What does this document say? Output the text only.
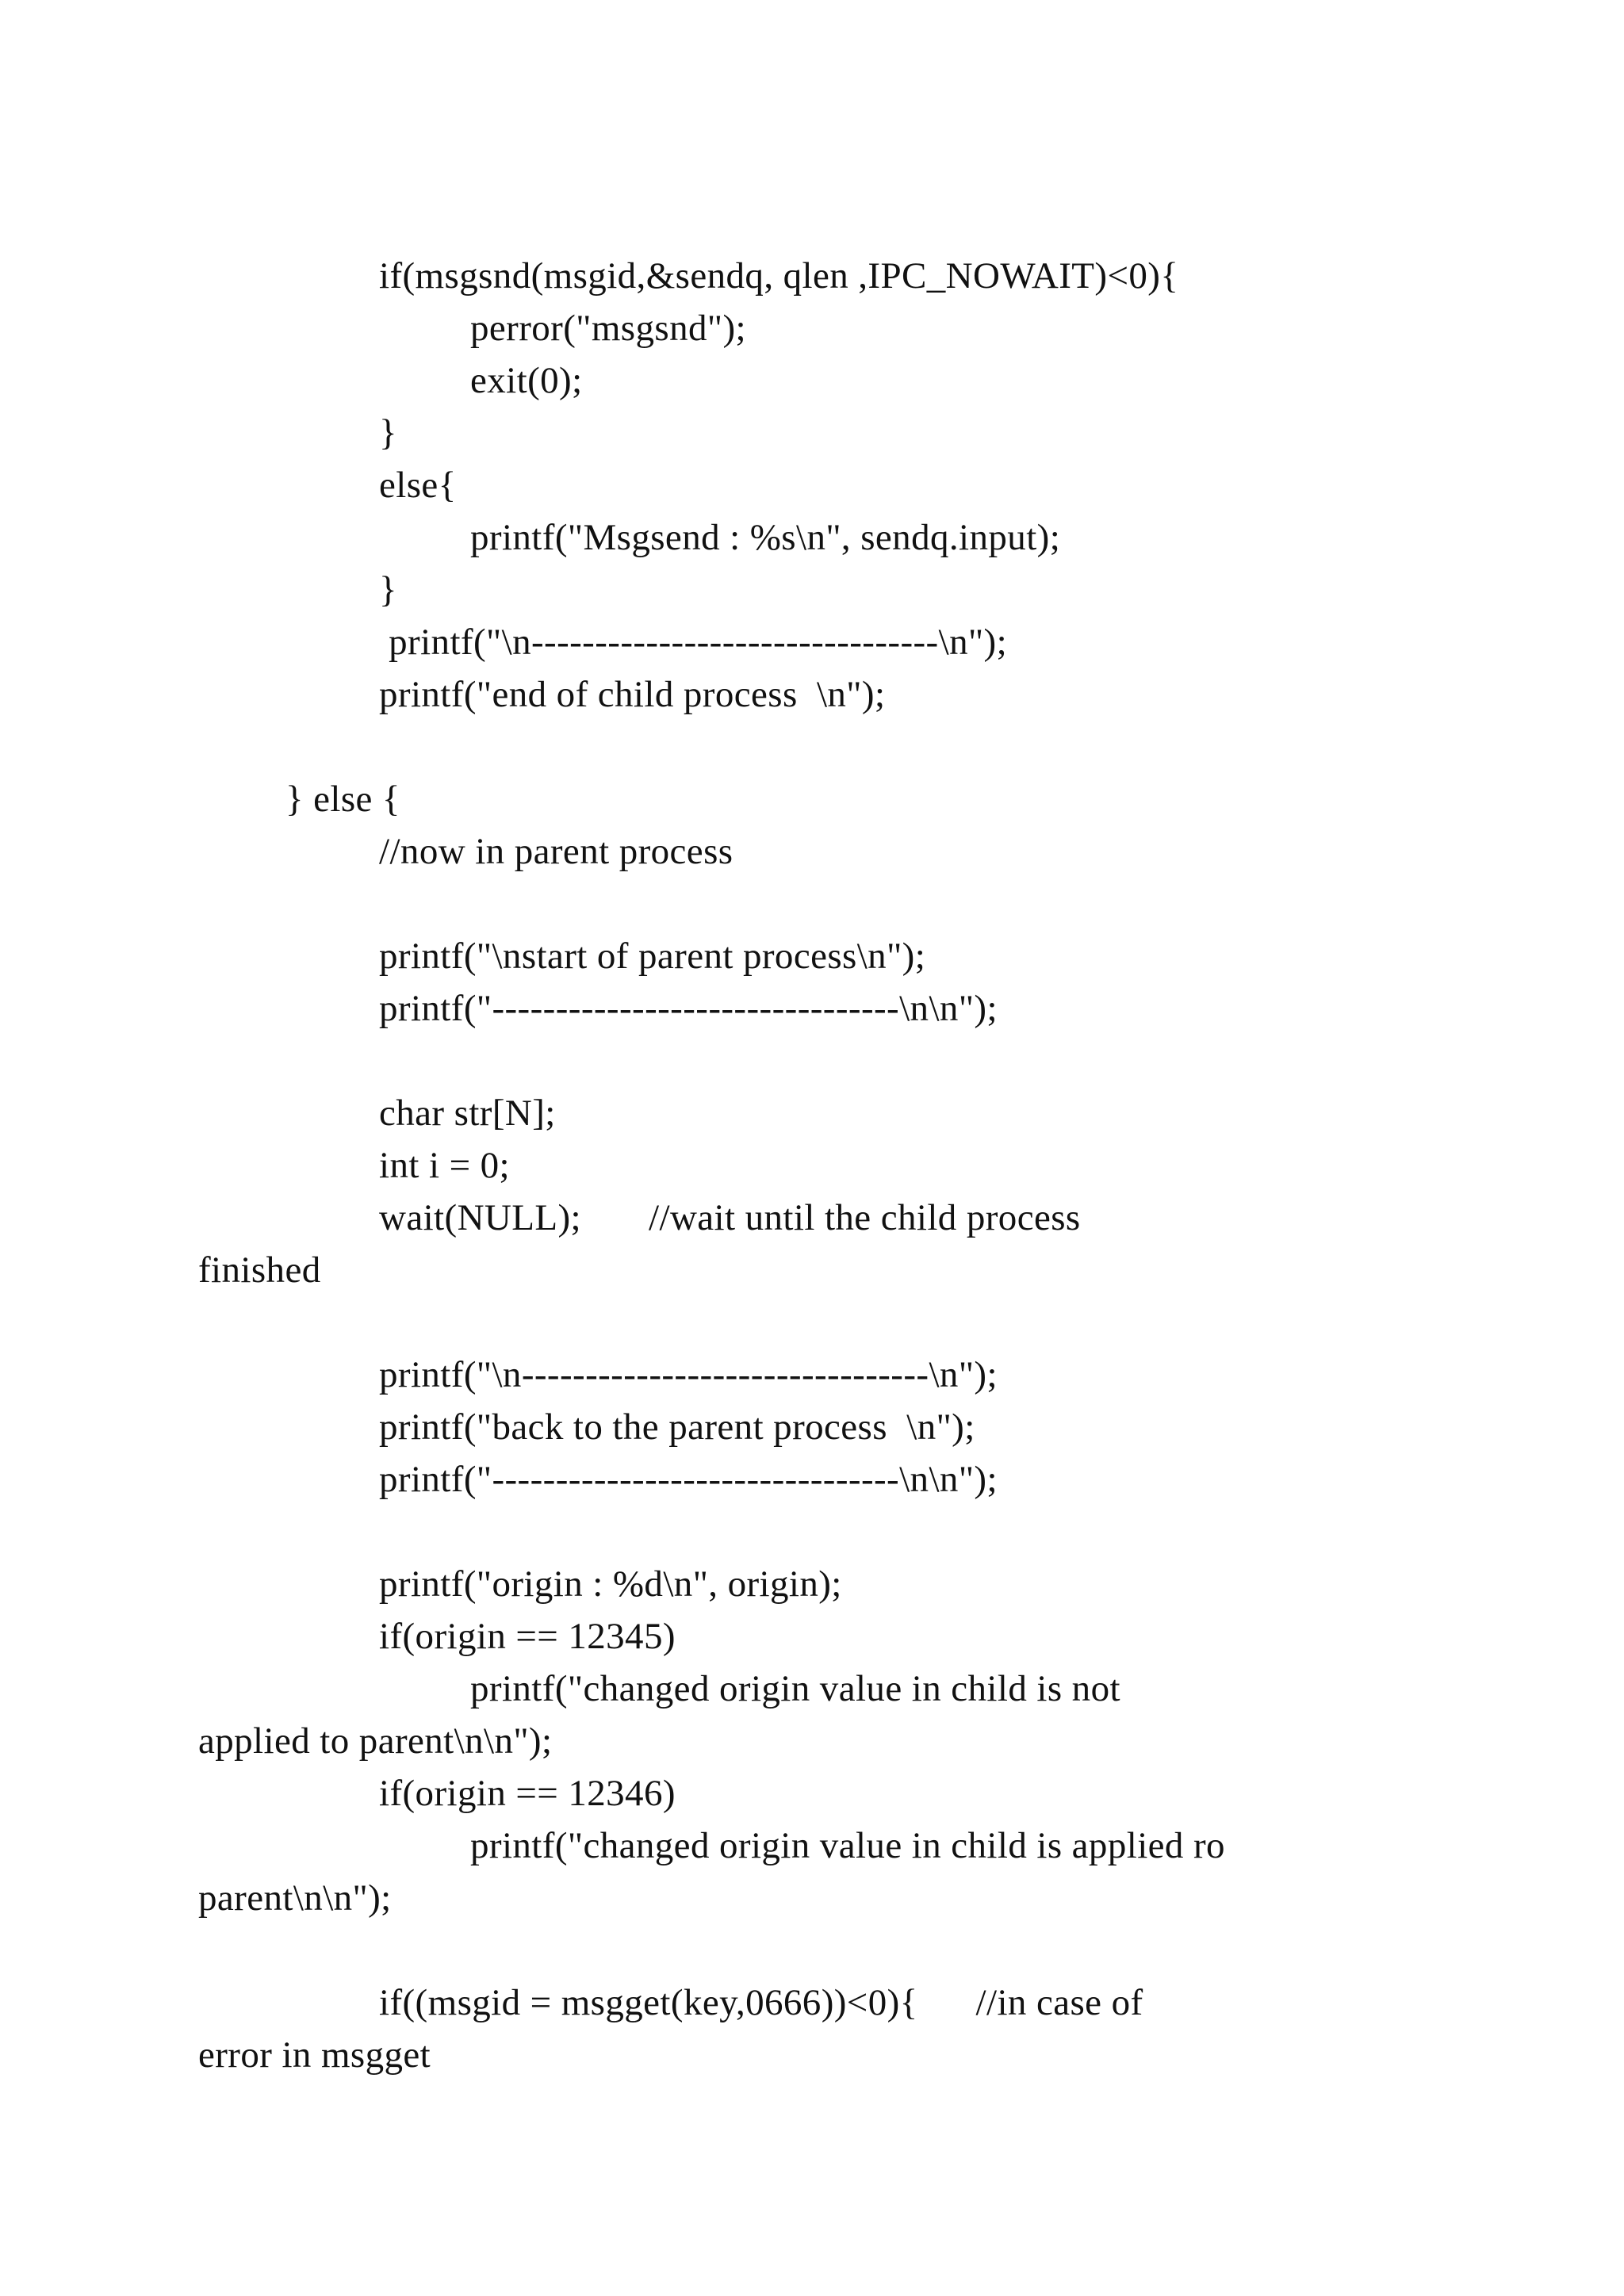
if(msgsnd(msgid,&sendq, qlen ,IPC_NOWAIT)<0){
perror("msgsnd");
exit(0);
}
else{
printf("Msgsend : %s\n", sendq.input);
}
printf("\n--------------------------------\n");
printf("end of child process  \n");
} else {
//now in parent process
printf("\nstart of parent process\n");
printf("--------------------------------\n\n");
char str[N];
int i = 0;
wait(NULL);       //wait until the child process
finished
printf("\n--------------------------------\n");
printf("back to the parent process  \n");
printf("--------------------------------\n\n");
printf("origin : %d\n", origin);
if(origin == 12345)
printf("changed origin value in child is not
applied to parent\n\n");
if(origin == 12346)
printf("changed origin value in child is applied ro
parent\n\n");
if((msgid = msgget(key,0666))<0){      //in case of
error in msgget
